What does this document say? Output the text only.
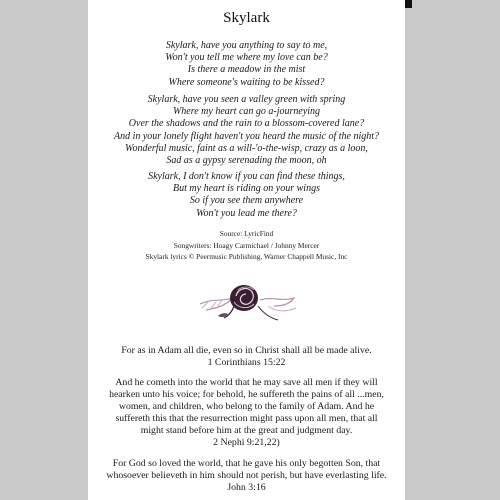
Skylark
Skylark, have you anything to say to me,
Won't you tell me where my love can be?
Is there a meadow in the mist
Where someone's waiting to be kissed?
Skylark, have you seen a valley green with spring
Where my heart can go a-journeying
Over the shadows and the rain to a blossom-covered lane?
And in your lonely flight haven't you heard the music of the night?
Wonderful music, faint as a will-'o-the-wisp, crazy as a loon,
Sad as a gypsy serenading the moon, oh
Skylark, I don't know if you can find these things,
But my heart is riding on your wings
So if you see them anywhere
Won't you lead me there?
Source: LyricFind
Songwriters: Hoagy Carmichael / Johnny Mercer
Skylark lyrics © Peermusic Publishing, Warner Chappell Music, Inc
For as in Adam all die, even so in Christ shall all be made alive.
1 Corinthians 15:22
And he cometh into the world that he may save all men if they will
hearken unto his voice; for behold, he suffereth the pains of all ...men,
women, and children, who belong to the family of Adam. And he
suffereth this that the resurrection might pass upon all men, that all
might stand before him at the great and judgment day.
2 Nephi 9:21,22)
For God so loved the world, that he gave his only begotten Son, that
whosoever believeth in him should not perish, but have everlasting life.
John 3:16
